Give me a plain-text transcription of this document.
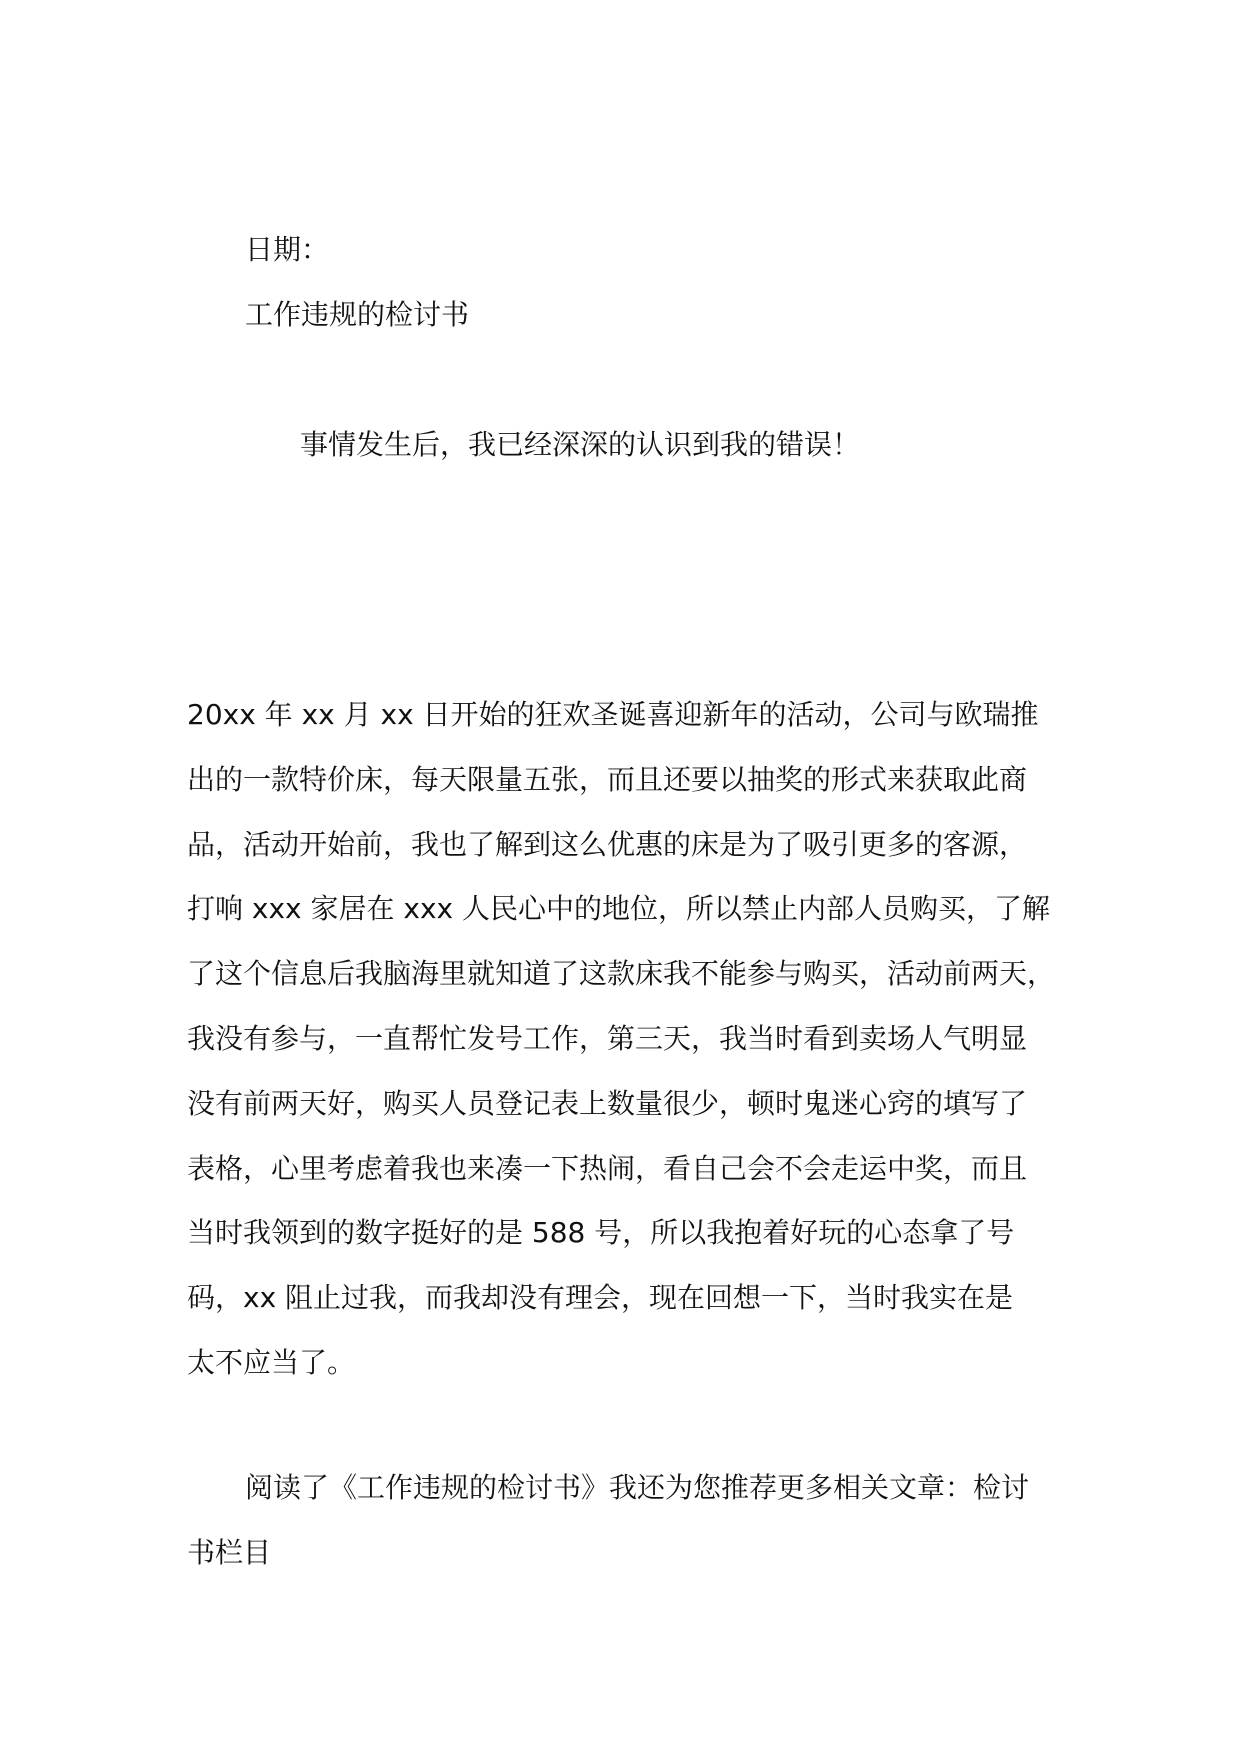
日期：
工作违规的检讨书
事情发生后，我已经深深的认识到我的错误！
20xx 年 xx 月 xx 日开始的狂欢圣诞喜迎新年的活动，公司与欧瑞推
出的一款特价床，每天限量五张，而且还要以抽奖的形式来获取此商
品，活动开始前，我也了解到这么优惠的床是为了吸引更多的客源，
打响 xxx 家居在 xxx 人民心中的地位，所以禁止内部人员购买，了解
了这个信息后我脑海里就知道了这款床我不能参与购买，活动前两天，
我没有参与，一直帮忙发号工作，第三天，我当时看到卖场人气明显
没有前两天好，购买人员登记表上数量很少，顿时鬼迷心窍的填写了
表格，心里考虑着我也来凑一下热闹，看自己会不会走运中奖，而且
当时我领到的数字挺好的是 588 号，所以我抱着好玩的心态拿了号
码，xx 阻止过我，而我却没有理会，现在回想一下，当时我实在是
太不应当了。
阅读了《工作违规的检讨书》我还为您推荐更多相关文章：检讨
书栏目
